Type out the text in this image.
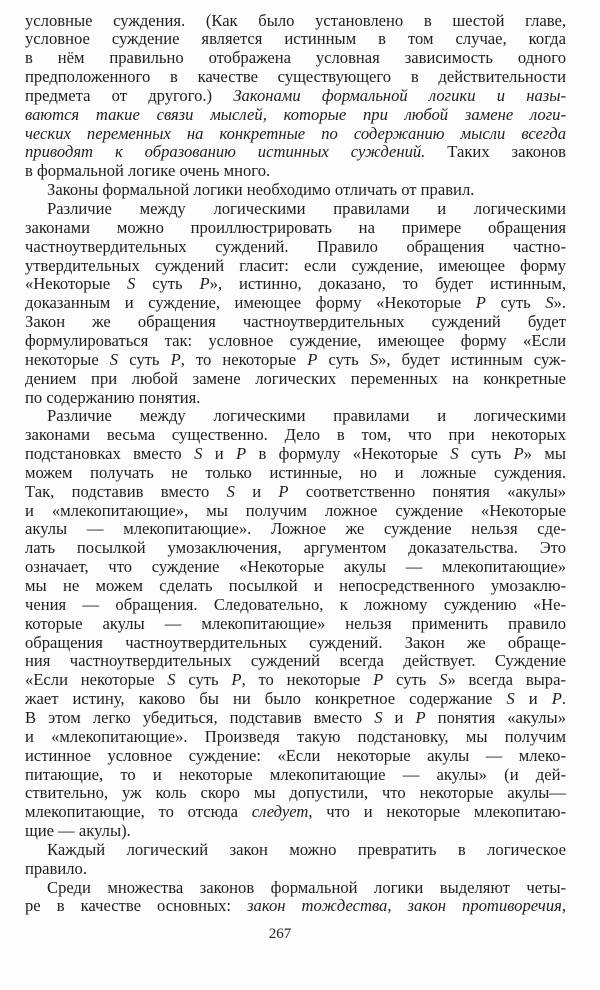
условные суждения. (Как было установлено в шестой главе,
условное суждение является истинным в том случае, когда
в нём правильно отображена условная зависимость одного
предположенного в качестве существующего в действительности
предмета от другого.) Законами формальной логики и назы-
ваются такие связи мыслей, которые при любой замене логи-
ческих переменных на конкретные по содержанию мысли всегда
приводят к образованию истинных суждений. Таких законов
в формальной логике очень много.
Законы формальной логики необходимо отличать от правил.
Различие между логическими правилами и логическими
законами можно проиллюстрировать на примере обращения
частноутвердительных суждений. Правило обращения частно-
утвердительных суждений гласит: если суждение, имеющее форму
«Некоторые S суть P», истинно, доказано, то будет истинным,
доказанным и суждение, имеющее форму «Некоторые P суть S».
Закон же обращения частноутвердительных суждений будет
формулироваться так: условное суждение, имеющее форму «Если
некоторые S суть P, то некоторые P суть S», будет истинным суж-
дением при любой замене логических переменных на конкретные
по содержанию понятия.
Различие между логическими правилами и логическими
законами весьма существенно. Дело в том, что при некоторых
подстановках вместо S и P в формулу «Некоторые S суть P» мы
можем получать не только истинные, но и ложные суждения.
Так, подставив вместо S и P соответственно понятия «акулы»
и «млекопитающие», мы получим ложное суждение «Некоторые
акулы — млекопитающие». Ложное же суждение нельзя сде-
лать посылкой умозаключения, аргументом доказательства. Это
означает, что суждение «Некоторые акулы — млекопитающие»
мы не можем сделать посылкой и непосредственного умозаклю-
чения — обращения. Следовательно, к ложному суждению «Не-
которые акулы — млекопитающие» нельзя применить правило
обращения частноутвердительных суждений. Закон же обраще-
ния частноутвердительных суждений всегда действует. Суждение
«Если некоторые S суть P, то некоторые P суть S» всегда выра-
жает истину, каково бы ни было конкретное содержание S и P.
В этом легко убедиться, подставив вместо S и P понятия «акулы»
и «млекопитающие». Произведя такую подстановку, мы получим
истинное условное суждение: «Если некоторые акулы — млеко-
питающие, то и некоторые млекопитающие — акулы» (и дей-
ствительно, уж коль скоро мы допустили, что некоторые акулы—
млекопитающие, то отсюда следует, что и некоторые млекопитаю-
щие — акулы).
Каждый логический закон можно превратить в логическое
правило.
Среди множества законов формальной логики выделяют четы-
ре в качестве основных: закон тождества, закон противоречия,
267
